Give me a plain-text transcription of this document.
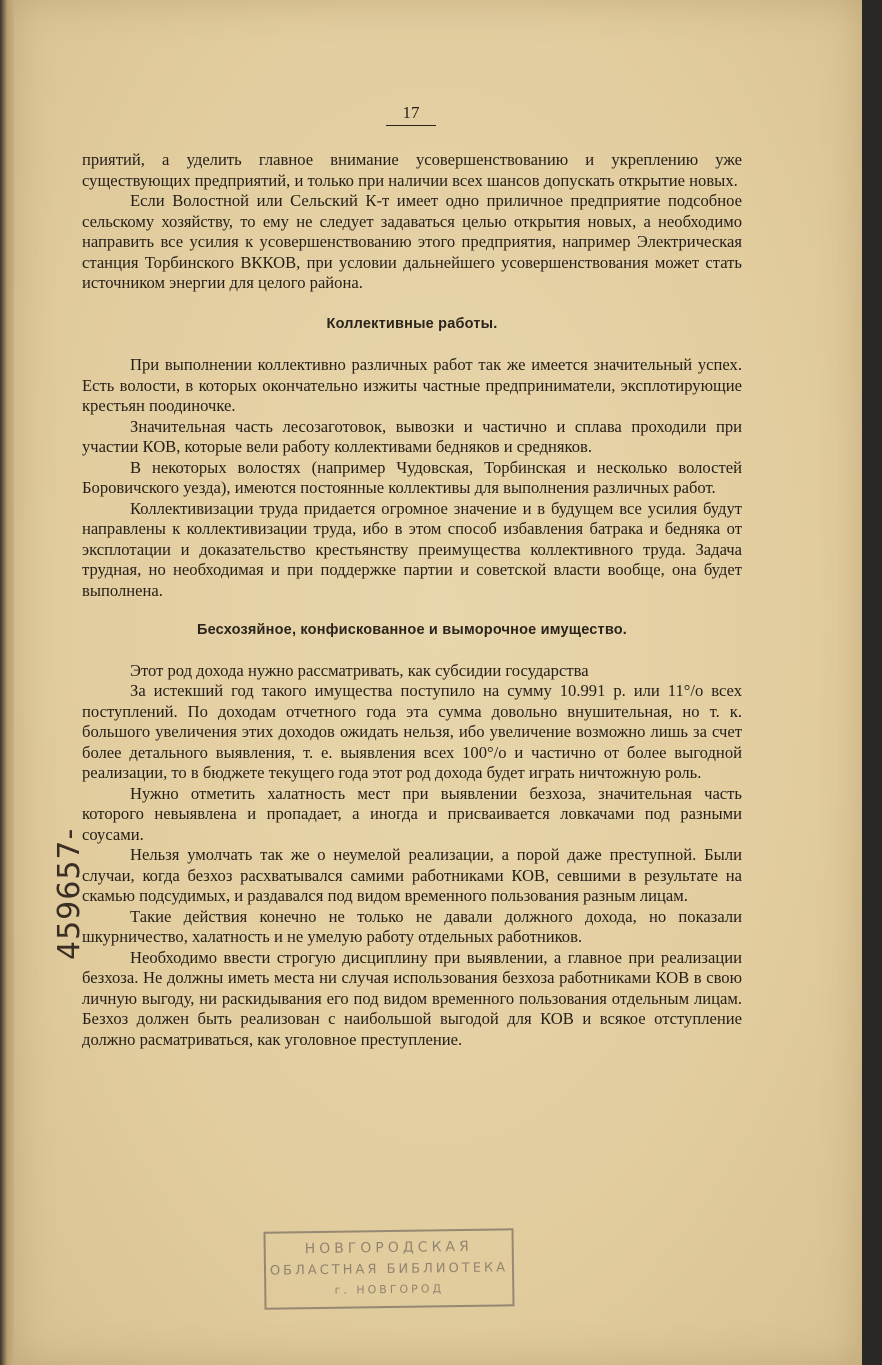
17

приятий, а уделить главное внимание усовершенствованию и укреплению уже существующих предприятий, и только при наличии всех шансов допускать открытие новых.

Если Волостной или Сельский К-т имеет одно приличное предприятие подсобное сельскому хозяйству, то ему не следует задаваться целью открытия новых, а необходимо направить все усилия к усовершенствованию этого предприятия, например Электрическая станция Торбинского ВККОВ, при условии дальнейшего усовершенствования может стать источником энергии для целого района.

Коллективные работы.

При выполнении коллективно различных работ так же имеется значительный успех. Есть волости, в которых окончательно изжиты частные предприниматели, эксплотирующие крестьян поодиночке.

Значительная часть лесозаготовок, вывозки и частично и сплава проходили при участии КОВ, которые вели работу коллективами бедняков и средняков.

В некоторых волостях (например Чудовская, Торбинская и несколько волостей Боровичского уезда), имеются постоянные коллективы для выполнения различных работ.

Коллективизации труда придается огромное значение и в будущем все усилия будут направлены к коллективизации труда, ибо в этом способ избавления батрака и бедняка от эксплотации и доказательство крестьянству преимущества коллективного труда. Задача трудная, но необходимая и при поддержке партии и советской власти вообще, она будет выполнена.

Бесхозяйное, конфискованное и выморочное имущество.

Этот род дохода нужно рассматривать, как субсидии государства

За истекший год такого имущества поступило на сумму 10.991 р. или 11°/о всех поступлений. По доходам отчетного года эта сумма довольно внушительная, но т. к. большого увеличения этих доходов ожидать нельзя, ибо увеличение возможно лишь за счет более детального выявления, т. е. выявления всех 100°/о и частично от более выгодной реализации, то в бюджете текущего года этот род дохода будет играть ничтожную роль.

Нужно отметить халатность мест при выявлении безхоза, значительная часть которого невыявлена и пропадает, а иногда и присваивается ловкачами под разными соусами.

Нельзя умолчать так же о неумелой реализации, а порой даже преступной. Были случаи, когда безхоз расхватывался самими работниками КОВ, севшими в результате на скамью подсудимых, и раздавался под видом временного пользования разным лицам.

Такие действия конечно не только не давали должного дохода, но показали шкурничество, халатность и не умелую работу отдельных работников.

Необходимо ввести строгую дисциплину при выявлении, а главное при реализации безхоза. Не должны иметь места ни случая использования безхоза работниками КОВ в свою личную выгоду, ни раскидывания его под видом временного пользования отдельным лицам. Безхоз должен быть реализован с наибольшой выгодой для КОВ и всякое отступление должно расматриваться, как уголовное преступление.

459657-
НОВГОРОДСКАЯ
ОБЛАСТНАЯ БИБЛИОТЕКА
г. НОВГОРОД
